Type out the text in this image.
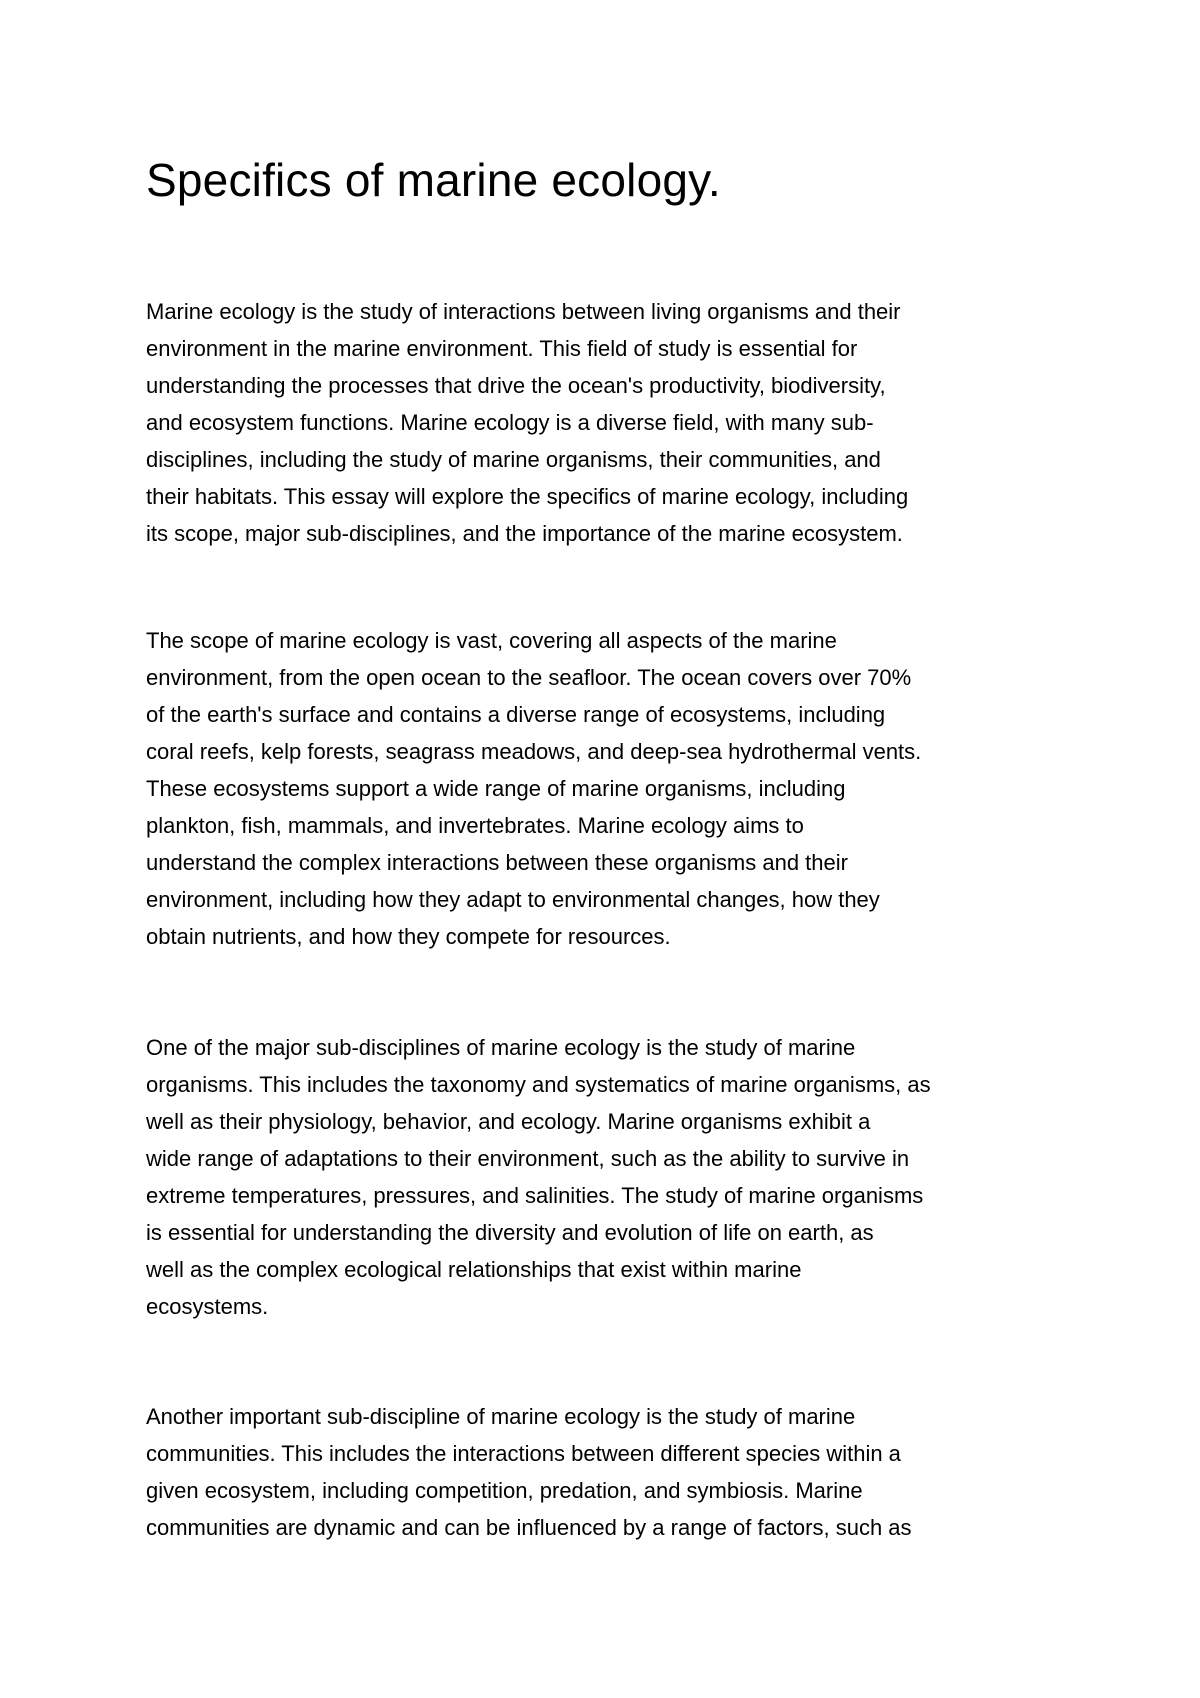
Specifics of marine ecology.

Marine ecology is the study of interactions between living organisms and their
environment in the marine environment. This field of study is essential for
understanding the processes that drive the ocean's productivity, biodiversity,
and ecosystem functions. Marine ecology is a diverse field, with many sub-
disciplines, including the study of marine organisms, their communities, and
their habitats. This essay will explore the specifics of marine ecology, including
its scope, major sub-disciplines, and the importance of the marine ecosystem.

The scope of marine ecology is vast, covering all aspects of the marine
environment, from the open ocean to the seafloor. The ocean covers over 70%
of the earth's surface and contains a diverse range of ecosystems, including
coral reefs, kelp forests, seagrass meadows, and deep-sea hydrothermal vents.
These ecosystems support a wide range of marine organisms, including
plankton, fish, mammals, and invertebrates. Marine ecology aims to
understand the complex interactions between these organisms and their
environment, including how they adapt to environmental changes, how they
obtain nutrients, and how they compete for resources.

One of the major sub-disciplines of marine ecology is the study of marine
organisms. This includes the taxonomy and systematics of marine organisms, as
well as their physiology, behavior, and ecology. Marine organisms exhibit a
wide range of adaptations to their environment, such as the ability to survive in
extreme temperatures, pressures, and salinities. The study of marine organisms
is essential for understanding the diversity and evolution of life on earth, as
well as the complex ecological relationships that exist within marine
ecosystems.

Another important sub-discipline of marine ecology is the study of marine
communities. This includes the interactions between different species within a
given ecosystem, including competition, predation, and symbiosis. Marine
communities are dynamic and can be influenced by a range of factors, such as
